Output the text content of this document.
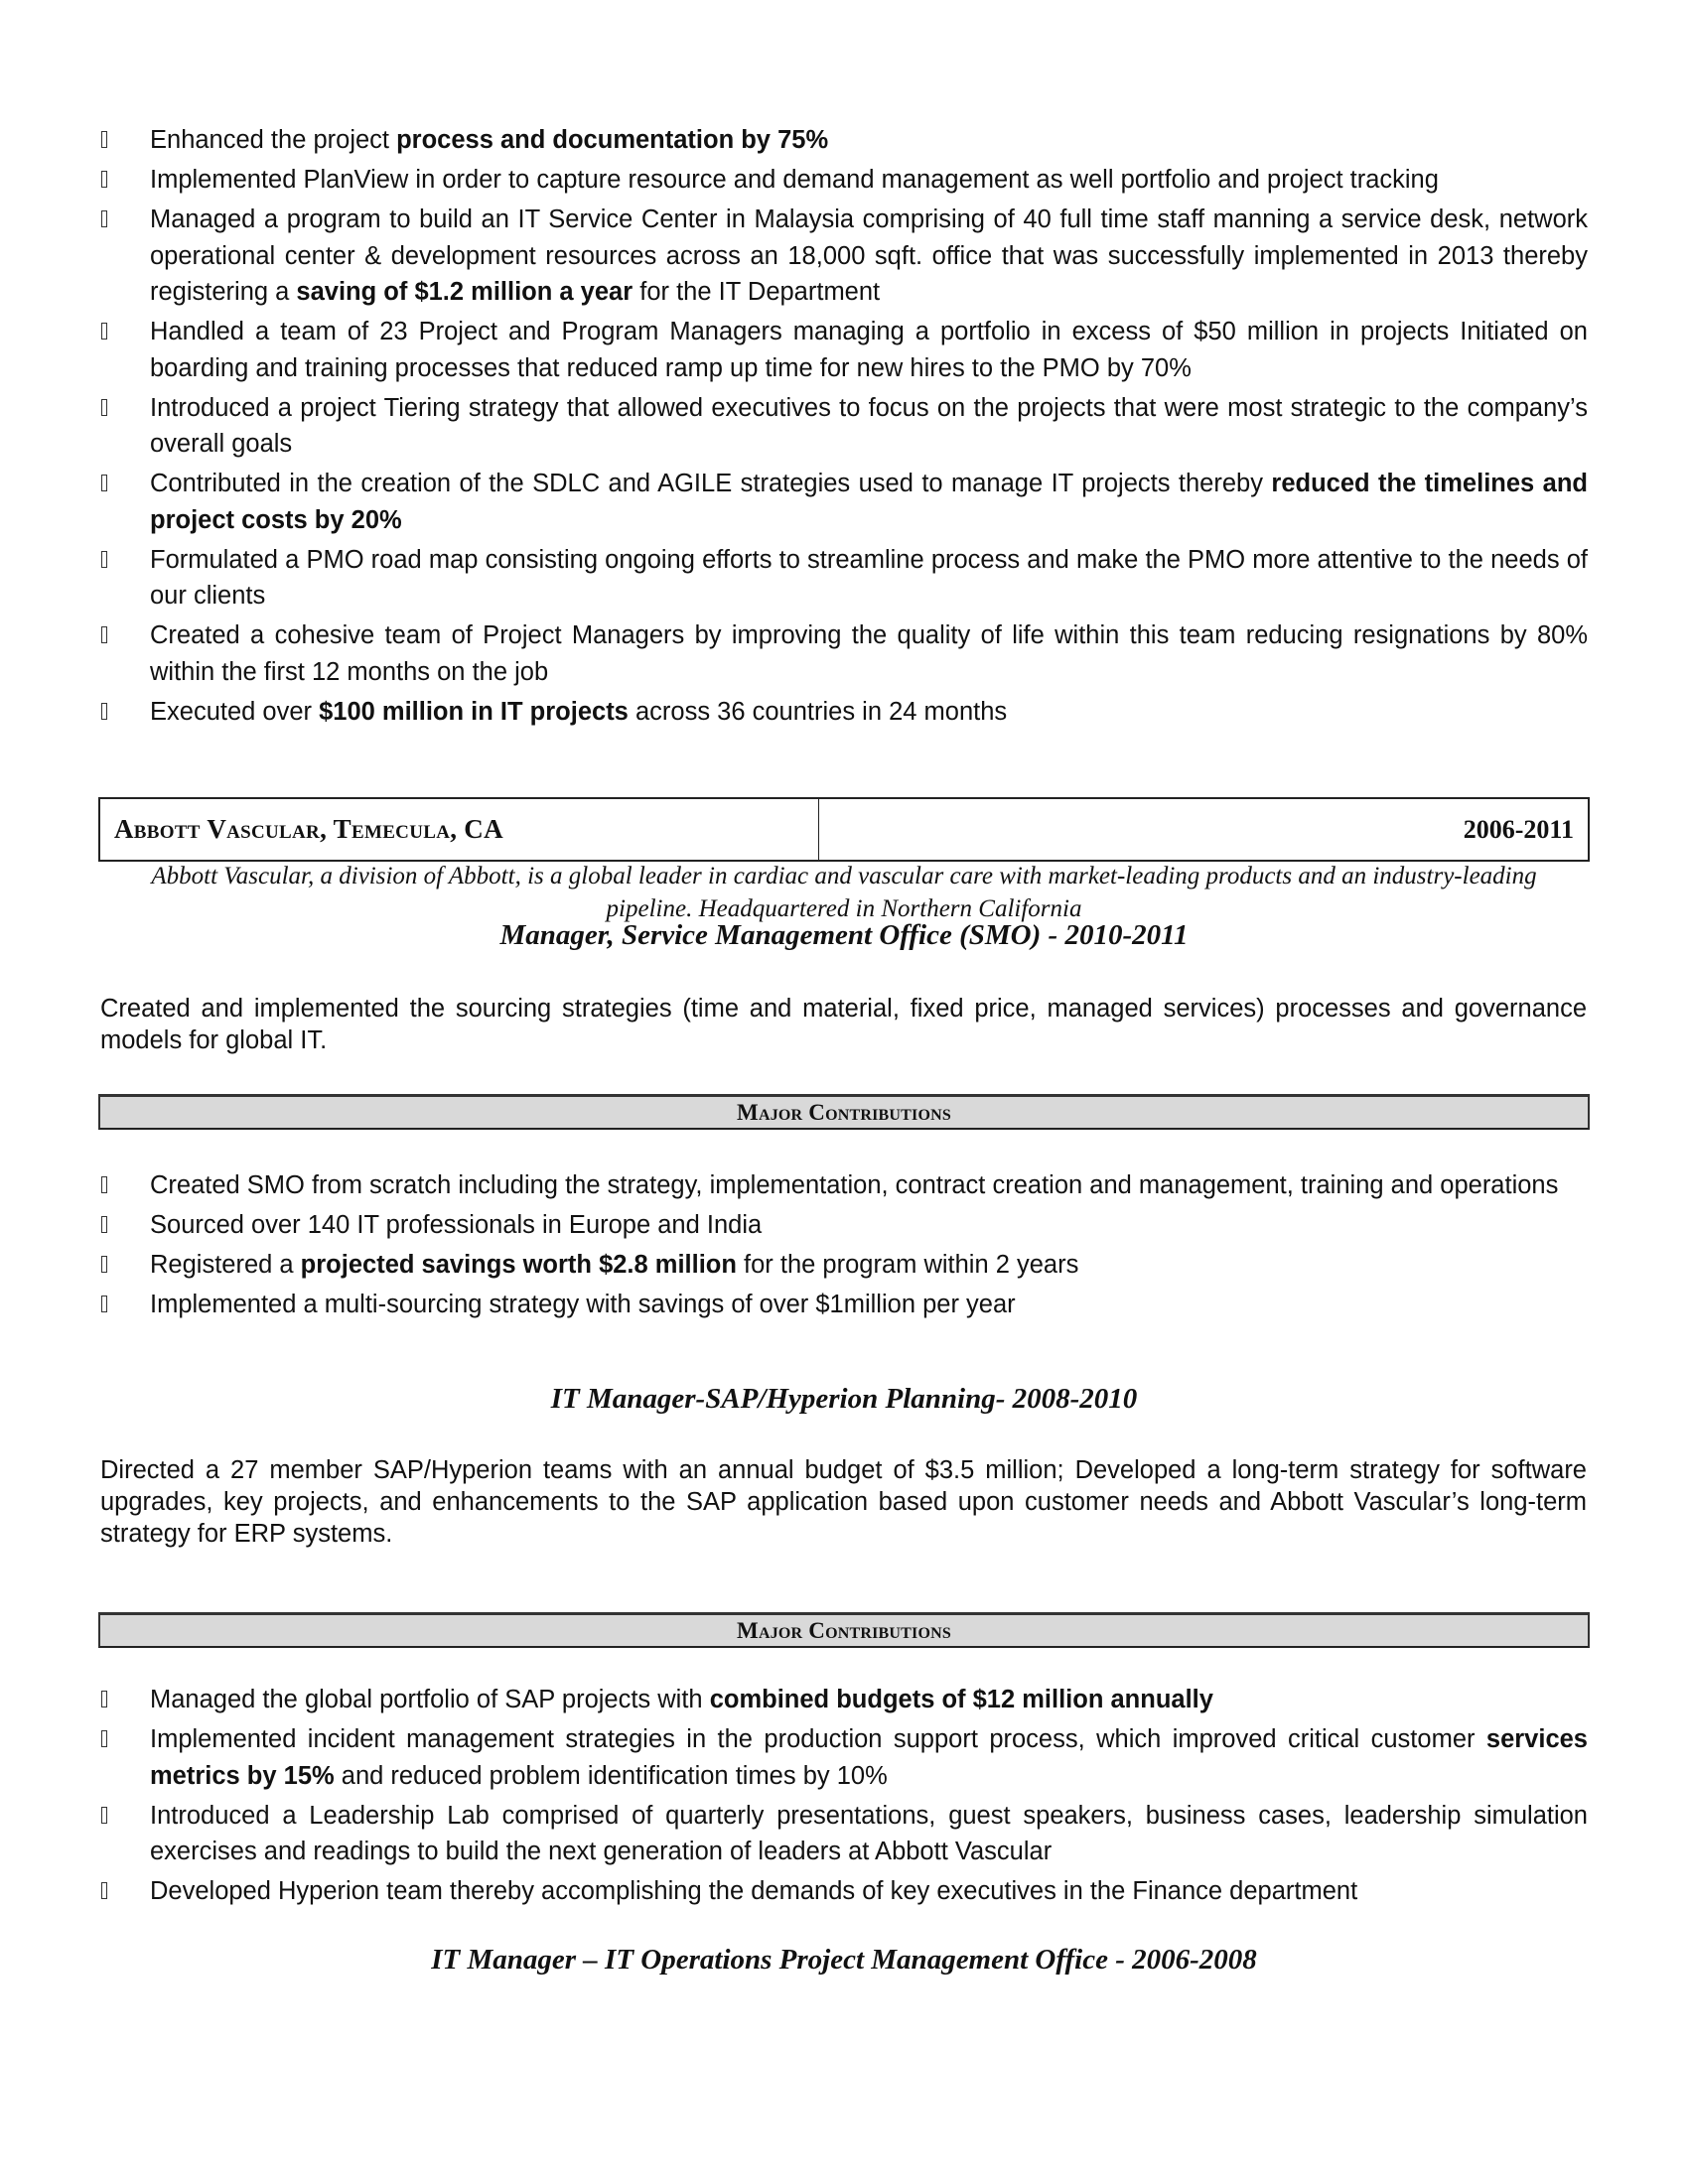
Enhanced the project process and documentation by 75%
Implemented PlanView in order to capture resource and demand management as well portfolio and project tracking
Managed a program to build an IT Service Center in Malaysia comprising of 40 full time staff manning a service desk, network operational center & development resources across an 18,000 sqft. office that was successfully implemented in 2013 thereby registering a saving of $1.2 million a year for the IT Department
Handled a team of 23 Project and Program Managers managing a portfolio in excess of $50 million in projects Initiated on boarding and training processes that reduced ramp up time for new hires to the PMO by 70%
Introduced a project Tiering strategy that allowed executives to focus on the projects that were most strategic to the company’s overall goals
Contributed in the creation of the SDLC and AGILE strategies used to manage IT projects thereby reduced the timelines and project costs by 20%
Formulated a PMO road map consisting ongoing efforts to streamline process and make the PMO more attentive to the needs of our clients
Created a cohesive team of Project Managers by improving the quality of life within this team reducing resignations by 80% within the first 12 months on the job
Executed over $100 million in IT projects across 36 countries in 24 months
Abbott Vascular, Temecula, CA	2006-2011
Abbott Vascular, a division of Abbott, is a global leader in cardiac and vascular care with market-leading products and an industry-leading pipeline. Headquartered in Northern California
Manager, Service Management Office (SMO) - 2010-2011
Created and implemented the sourcing strategies (time and material, fixed price, managed services) processes and governance models for global IT.
Major Contributions
Created SMO from scratch including the strategy, implementation, contract creation and management, training and operations
Sourced over 140 IT professionals in Europe and India
Registered a projected savings worth $2.8 million for the program within 2 years
Implemented a multi-sourcing strategy with savings of over $1million per year
IT Manager-SAP/Hyperion Planning- 2008-2010
Directed a 27 member SAP/Hyperion teams with an annual budget of $3.5 million; Developed a long-term strategy for software upgrades, key projects, and enhancements to the SAP application based upon customer needs and Abbott Vascular’s long-term strategy for ERP systems.
Major Contributions
Managed the global portfolio of SAP projects with combined budgets of $12 million annually
Implemented incident management strategies in the production support process, which improved critical customer services metrics by 15% and reduced problem identification times by 10%
Introduced a Leadership Lab comprised of quarterly presentations, guest speakers, business cases, leadership simulation exercises and readings to build the next generation of leaders at Abbott Vascular
Developed Hyperion team thereby accomplishing the demands of key executives in the Finance department
IT Manager – IT Operations Project Management Office - 2006-2008
